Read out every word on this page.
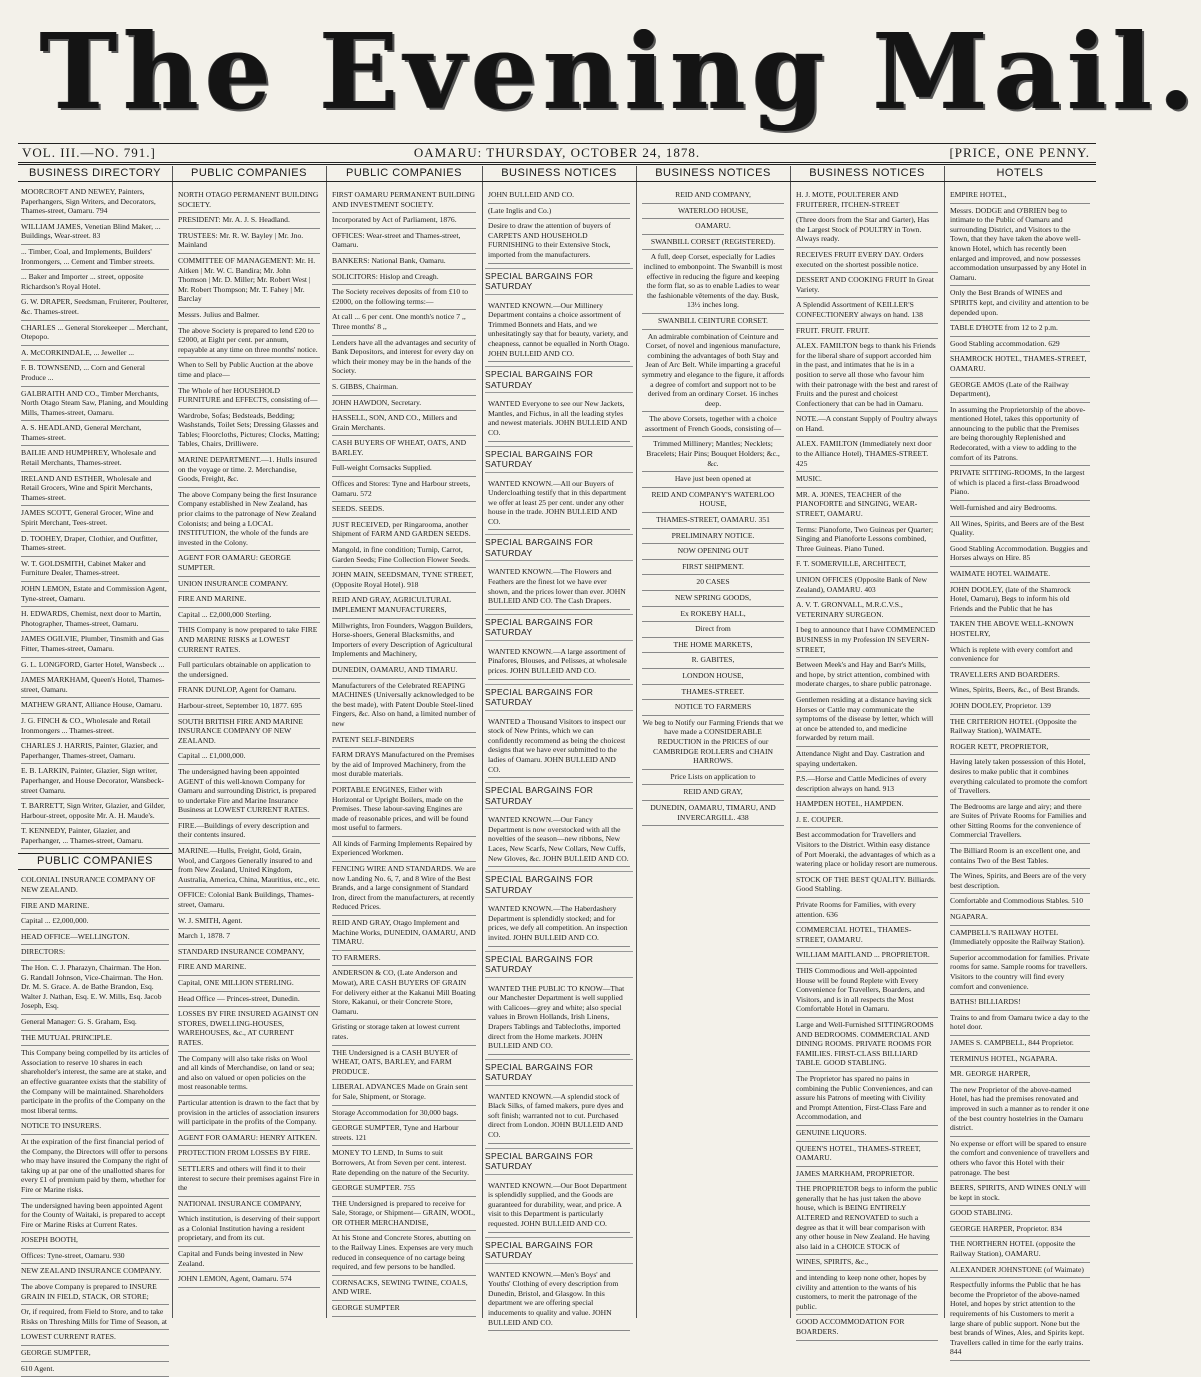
The Evening Mail.
VOL. III.—NO. 791.]	OAMARU: THURSDAY, OCTOBER 24, 1878.	[PRICE, ONE PENNY.
BUSINESS DIRECTORY
MOORCROFT AND NEWEY, Painters, Paperhangers, Sign Writers, and Decorators, Thames-street, Oamaru. 794
WILLIAM JAMES, Venetian Blind Maker, ... Buildings, Wear-street. 83
... Timber, Coal, and Implements, Builders' Ironmongers, ... Cement and Timber streets.
... Baker and Importer ... street, opposite Richardson's Royal Hotel.
G. W. DRAPER, Seedsman, Fruiterer, Poulterer, &c. Thames-street.
CHARLES ... General Storekeeper ... Merchant, Otepopo.
A. McCORKINDALE, ... Jeweller ...
F. B. TOWNSEND, ... Corn and General Produce ...
GALBRAITH AND CO., Timber Merchants, North Otago Steam Saw, Planing, and Moulding Mills, Thames-street, Oamaru.
A. S. HEADLAND, General Merchant, Thames-street.
BAILIE AND HUMPHREY, Wholesale and Retail Merchants, Thames-street.
IRELAND AND ESTHER, Wholesale and Retail Grocers, Wine and Spirit Merchants, Thames-street.
JAMES SCOTT, General Grocer, Wine and Spirit Merchant, Tees-street.
D. TOOHEY, Draper, Clothier, and Outfitter, Thames-street.
W. T. GOLDSMITH, Cabinet Maker and Furniture Dealer, Thames-street.
JOHN LEMON, Estate and Commission Agent, Tyne-street, Oamaru.
H. EDWARDS, Chemist, next door to Martin, Photographer, Thames-street, Oamaru.
JAMES OGILVIE, Plumber, Tinsmith and Gas Fitter, Thames-street, Oamaru.
G. L. LONGFORD, Garter Hotel, Wansbeck ...
JAMES MARKHAM, Queen's Hotel, Thames-street, Oamaru.
MATHEW GRANT, Alliance House, Oamaru.
J. G. FINCH & CO., Wholesale and Retail Ironmongers ... Thames-street.
CHARLES J. HARRIS, Painter, Glazier, and Paperhanger, Thames-street, Oamaru.
E. B. LARKIN, Painter, Glazier, Sign writer, Paperhanger, and House Decorator, Wansbeck-street Oamaru.
T. BARRETT, Sign Writer, Glazier, and Gilder, Harbour-street, opposite Mr. A. H. Maude's.
T. KENNEDY, Painter, Glazier, and Paperhanger, ... Thames-street, Oamaru.
PUBLIC COMPANIES
COLONIAL INSURANCE COMPANY OF NEW ZEALAND.
FIRE AND MARINE.
Capital ... £2,000,000.
HEAD OFFICE—WELLINGTON.
DIRECTORS:
The Hon. C. J. Pharazyn, Chairman. The Hon. G. Randall Johnson, Vice-Chairman. The Hon. Dr. M. S. Grace. A. de Bathe Brandon, Esq. Walter J. Nathan, Esq. E. W. Mills, Esq. Jacob Joseph, Esq.
General Manager: G. S. Graham, Esq.
THE MUTUAL PRINCIPLE.
This Company being compelled by its articles of Association to reserve 10 shares in each shareholder's interest, the same are at stake, and an effective guarantee exists that the stability of the Company will be maintained. Shareholders participate in the profits of the Company on the most liberal terms.
NOTICE TO INSURERS.
At the expiration of the first financial period of the Company, the Directors will offer to persons who may have insured the Company the right of taking up at par one of the unallotted shares for every £1 of premium paid by them, whether for Fire or Marine risks.
The undersigned having been appointed Agent for the County of Waitaki, is prepared to accept Fire or Marine Risks at Current Rates.
JOSEPH BOOTH,
Offices: Tyne-street, Oamaru. 930
NEW ZEALAND INSURANCE COMPANY.
The above Company is prepared to INSURE GRAIN IN FIELD, STACK, OR STORE;
Or, if required, from Field to Store, and to take Risks on Threshing Mills for Time of Season, at
LOWEST CURRENT RATES.
GEORGE SUMPTER,
610 Agent.
PUBLIC COMPANIES
NORTH OTAGO PERMANENT BUILDING SOCIETY.
PRESIDENT: Mr. A. J. S. Headland.
TRUSTEES: Mr. R. W. Bayley | Mr. Jno. Mainland
COMMITTEE OF MANAGEMENT: Mr. H. Aitken | Mr. W. C. Bandira; Mr. John Thomson | Mr. D. Miller; Mr. Robert West | Mr. Robert Thompson; Mr. T. Fahey | Mr. Barclay
Messrs. Julius and Balmer.
The above Society is prepared to lend £20 to £2000, at Eight per cent. per annum, repayable at any time on three months' notice.
When to Sell by Public Auction at the above time and place—
The Whole of her HOUSEHOLD FURNITURE and EFFECTS, consisting of—
Wardrobe, Sofas; Bedsteads, Bedding; Washstands, Toilet Sets; Dressing Glasses and Tables; Floorcloths, Pictures; Clocks, Matting; Tables, Chairs, Drilliwere.
MARINE DEPARTMENT.—1. Hulls insured on the voyage or time. 2. Merchandise, Goods, Freight, &c.
The above Company being the first Insurance Company established in New Zealand, has prior claims to the patronage of New Zealand Colonists; and being a LOCAL INSTITUTION, the whole of the funds are invested in the Colony.
AGENT FOR OAMARU: GEORGE SUMPTER.
UNION INSURANCE COMPANY.
FIRE AND MARINE.
Capital ... £2,000,000 Sterling.
THIS Company is now prepared to take FIRE AND MARINE RISKS at LOWEST CURRENT RATES.
Full particulars obtainable on application to the undersigned.
FRANK DUNLOP, Agent for Oamaru.
Harbour-street, September 10, 1877. 695
SOUTH BRITISH FIRE AND MARINE INSURANCE COMPANY OF NEW ZEALAND.
Capital ... £1,000,000.
The undersigned having been appointed AGENT of this well-known Company for Oamaru and surrounding District, is prepared to undertake Fire and Marine Insurance Business at LOWEST CURRENT RATES.
FIRE.—Buildings of every description and their contents insured.
MARINE.—Hulls, Freight, Gold, Grain, Wool, and Cargoes Generally insured to and from New Zealand, United Kingdom, Australia, America, China, Mauritius, etc., etc.
OFFICE: Colonial Bank Buildings, Thames-street, Oamaru.
W. J. SMITH, Agent.
March 1, 1878. 7
STANDARD INSURANCE COMPANY,
FIRE AND MARINE.
Capital, ONE MILLION STERLING.
Head Office — Princes-street, Dunedin.
LOSSES BY FIRE INSURED AGAINST ON STORES, DWELLING-HOUSES, WAREHOUSES, &c., AT CURRENT RATES.
The Company will also take risks on Wool and all kinds of Merchandise, on land or sea; and also on valued or open policies on the most reasonable terms.
Particular attention is drawn to the fact that by provision in the articles of association insurers will participate in the profits of the Company.
AGENT FOR OAMARU: HENRY AITKEN.
PROTECTION FROM LOSSES BY FIRE.
SETTLERS and others will find it to their interest to secure their premises against Fire in the
NATIONAL INSURANCE COMPANY,
Which institution, is deserving of their support as a Colonial Institution having a resident proprietary, and from its cut.
Capital and Funds being invested in New Zealand.
JOHN LEMON, Agent, Oamaru. 574
PUBLIC COMPANIES
FIRST OAMARU PERMANENT BUILDING AND INVESTMENT SOCIETY.
Incorporated by Act of Parliament, 1876.
OFFICES: Wear-street and Thames-street, Oamaru.
BANKERS: National Bank, Oamaru.
SOLICITORS: Hislop and Creagh.
The Society receives deposits of from £10 to £2000, on the following terms:—
At call ... 6 per cent. One month's notice 7 ,, Three months' 8 ,,
Lenders have all the advantages and security of Bank Depositors, and interest for every day on which their money may be in the hands of the Society.
S. GIBBS, Chairman.
JOHN HAWDON, Secretary.
HASSELL, SON, AND CO., Millers and Grain Merchants.
CASH BUYERS OF WHEAT, OATS, AND BARLEY.
Full-weight Cornsacks Supplied.
Offices and Stores: Tyne and Harbour streets, Oamaru. 572
SEEDS. SEEDS.
JUST RECEIVED, per Ringarooma, another Shipment of FARM AND GARDEN SEEDS.
Mangold, in fine condition; Turnip, Carrot, Garden Seeds; Fine Collection Flower Seeds.
JOHN MAIN, SEEDSMAN, TYNE STREET, (Opposite Royal Hotel). 918
REID AND GRAY, AGRICULTURAL IMPLEMENT MANUFACTURERS,
Millwrights, Iron Founders, Waggon Builders, Horse-shoers, General Blacksmiths, and Importers of every Description of Agricultural Implements and Machinery,
DUNEDIN, OAMARU, AND TIMARU.
Manufacturers of the Celebrated REAPING MACHINES (Universally acknowledged to be the best made), with Patent Double Steel-lined Fingers, &c. Also on hand, a limited number of new
PATENT SELF-BINDERS
FARM DRAYS Manufactured on the Premises by the aid of Improved Machinery, from the most durable materials.
PORTABLE ENGINES, Either with Horizontal or Upright Boilers, made on the Premises. These labour-saving Engines are made of reasonable prices, and will be found most useful to farmers.
All kinds of Farming Implements Repaired by Experienced Workmen.
FENCING WIRE AND STANDARDS. We are now Landing No. 6, 7, and 8 Wire of the Best Brands, and a large consignment of Standard Iron, direct from the manufacturers, at recently Reduced Prices.
REID AND GRAY, Otago Implement and Machine Works, DUNEDIN, OAMARU, AND TIMARU.
TO FARMERS.
ANDERSON & CO, (Late Anderson and Mowat), ARE CASH BUYERS OF GRAIN For delivery either at the Kakanui Mill Boating Store, Kakanui, or their Concrete Store, Oamaru.
Gristing or storage taken at lowest current rates.
THE Undersigned is a CASH BUYER of WHEAT, OATS, BARLEY, and FARM PRODUCE.
LIBERAL ADVANCES Made on Grain sent for Sale, Shipment, or Storage.
Storage Accommodation for 30,000 bags.
GEORGE SUMPTER, Tyne and Harbour streets. 121
MONEY TO LEND, In Sums to suit Borrowers, At from Seven per cent. interest. Rate depending on the nature of the Security.
GEORGE SUMPTER. 755
THE Undersigned is prepared to receive for Sale, Storage, or Shipment— GRAIN, WOOL, OR OTHER MERCHANDISE,
At his Stone and Concrete Stores, abutting on to the Railway Lines. Expenses are very much reduced in consequence of no cartage being required, and few persons to be handled.
CORNSACKS, SEWING TWINE, COALS, AND WIRE.
GEORGE SUMPTER
BUSINESS NOTICES
JOHN BULLEID AND CO.
(Late Inglis and Co.)
Desire to draw the attention of buyers of CARPETS AND HOUSEHOLD FURNISHING to their Extensive Stock, imported from the manufacturers.
SPECIAL BARGAINS FOR SATURDAY
WANTED KNOWN.—Our Millinery Department contains a choice assortment of Trimmed Bonnets and Hats, and we unhesitatingly say that for beauty, variety, and cheapness, cannot be equalled in North Otago. JOHN BULLEID AND CO.
SPECIAL BARGAINS FOR SATURDAY
WANTED Everyone to see our New Jackets, Mantles, and Fichus, in all the leading styles and newest materials. JOHN BULLEID AND CO.
SPECIAL BARGAINS FOR SATURDAY
WANTED KNOWN.—All our Buyers of Undercloathing testify that in this department we offer at least 25 per cent. under any other house in the trade. JOHN BULLEID AND CO.
SPECIAL BARGAINS FOR SATURDAY
WANTED KNOWN.—The Flowers and Feathers are the finest lot we have ever shown, and the prices lower than ever. JOHN BULLEID AND CO. The Cash Drapers.
SPECIAL BARGAINS FOR SATURDAY
WANTED KNOWN.—A large assortment of Pinafores, Blouses, and Pelisses, at wholesale prices. JOHN BULLEID AND CO.
SPECIAL BARGAINS FOR SATURDAY
WANTED a Thousand Visitors to inspect our stock of New Prints, which we can confidently recommend as being the choicest designs that we have ever submitted to the ladies of Oamaru. JOHN BULLEID AND CO.
SPECIAL BARGAINS FOR SATURDAY
WANTED KNOWN.—Our Fancy Department is now overstocked with all the novelties of the season—new ribbons, New Laces, New Scarfs, New Collars, New Cuffs, New Gloves, &c. JOHN BULLEID AND CO.
SPECIAL BARGAINS FOR SATURDAY
WANTED KNOWN.—The Haberdashery Department is splendidly stocked; and for prices, we defy all competition. An inspection invited. JOHN BULLEID AND CO.
SPECIAL BARGAINS FOR SATURDAY
WANTED THE PUBLIC TO KNOW—That our Manchester Department is well supplied with Calicoes—grey and white; also special values in Brown Hollands, Irish Linens, Drapers Tablings and Tablecloths, imported direct from the Home markets. JOHN BULLEID AND CO.
SPECIAL BARGAINS FOR SATURDAY
WANTED KNOWN.—A splendid stock of Black Silks, of famed makers, pure dyes and soft finish; warranted not to cut. Purchased direct from London. JOHN BULLEID AND CO.
SPECIAL BARGAINS FOR SATURDAY
WANTED KNOWN.—Our Boot Department is splendidly supplied, and the Goods are guaranteed for durability, wear, and price. A visit to this Department is particularly requested. JOHN BULLEID AND CO.
SPECIAL BARGAINS FOR SATURDAY
WANTED KNOWN.—Men's Boys' and Youths' Clothing of every description from Dunedin, Bristol, and Glasgow. In this department we are offering special inducements to quality and value. JOHN BULLEID AND CO.
BUSINESS NOTICES
REID AND COMPANY,
WATERLOO HOUSE,
OAMARU.
SWANBILL CORSET (REGISTERED).
A full, deep Corset, especially for Ladies inclined to embonpoint. The Swanbill is most effective in reducing the figure and keeping the form flat, so as to enable Ladies to wear the fashionable vêtements of the day. Busk, 13½ inches long.
SWANBILL CEINTURE CORSET.
An admirable combination of Ceinture and Corset, of novel and ingenious manufacture, combining the advantages of both Stay and Jean of Arc Belt. While imparting a graceful symmetry and elegance to the figure, it affords a degree of comfort and support not to be derived from an ordinary Corset. 16 inches deep.
The above Corsets, together with a choice assortment of French Goods, consisting of—
Trimmed Millinery; Mantles; Necklets; Bracelets; Hair Pins; Bouquet Holders; &c., &c.
Have just been opened at
REID AND COMPANY'S WATERLOO HOUSE,
THAMES-STREET, OAMARU. 351
PRELIMINARY NOTICE.
NOW OPENING OUT
FIRST SHIPMENT.
20 CASES
NEW SPRING GOODS,
Ex ROKEBY HALL,
Direct from
THE HOME MARKETS,
R. GABITES,
LONDON HOUSE,
THAMES-STREET.
NOTICE TO FARMERS
We beg to Notify our Farming Friends that we have made a CONSIDERABLE REDUCTION in the PRICES of our CAMBRIDGE ROLLERS and CHAIN HARROWS.
Price Lists on application to
REID AND GRAY,
DUNEDIN, OAMARU, TIMARU, AND INVERCARGILL. 438
BUSINESS NOTICES
H. J. MOTE, POULTERER AND FRUITERER, ITCHEN-STREET
(Three doors from the Star and Garter), Has the Largest Stock of POULTRY in Town. Always ready.
RECEIVES FRUIT EVERY DAY. Orders executed on the shortest possible notice.
DESSERT AND COOKING FRUIT In Great Variety.
A Splendid Assortment of KEILLER'S CONFECTIONERY always on hand. 138
FRUIT. FRUIT. FRUIT.
ALEX. FAMILTON begs to thank his Friends for the liberal share of support accorded him in the past, and intimates that he is in a position to serve all those who favour him with their patronage with the best and rarest of Fruits and the purest and choicest Confectionery that can be had in Oamaru.
NOTE.—A constant Supply of Poultry always on Hand.
ALEX. FAMILTON (Immediately next door to the Alliance Hotel), THAMES-STREET. 425
MUSIC.
MR. A. JONES, TEACHER of the PIANOFORTE and SINGING, WEAR-STREET, OAMARU.
Terms: Pianoforte, Two Guineas per Quarter; Singing and Pianoforte Lessons combined, Three Guineas. Piano Tuned.
F. T. SOMERVILLE, ARCHITECT,
UNION OFFICES (Opposite Bank of New Zealand), OAMARU. 403
A. V. T. GRONVALL, M.R.C.V.S., VETERINARY SURGEON.
I beg to announce that I have COMMENCED BUSINESS in my Profession IN SEVERN-STREET,
Between Meek's and Hay and Barr's Mills, and hope, by strict attention, combined with moderate charges, to share public patronage.
Gentlemen residing at a distance having sick Horses or Cattle may communicate the symptoms of the disease by letter, which will at once be attended to, and medicine forwarded by return mail.
Attendance Night and Day. Castration and spaying undertaken.
P.S.—Horse and Cattle Medicines of every description always on hand. 913
HAMPDEN HOTEL, HAMPDEN.
J. E. COUPER.
Best accommodation for Travellers and Visitors to the District. Within easy distance of Port Moeraki, the advantages of which as a watering place or holiday resort are numerous.
STOCK OF THE BEST QUALITY. Billiards. Good Stabling.
Private Rooms for Families, with every attention. 636
COMMERCIAL HOTEL, THAMES-STREET, OAMARU.
WILLIAM MAITLAND ... PROPRIETOR.
THIS Commodious and Well-appointed House will be found Replete with Every Convenience for Travellers, Boarders, and Visitors, and is in all respects the Most Comfortable Hotel in Oamaru.
Large and Well-Furnished SITTINGROOMS AND BEDROOMS. COMMERCIAL AND DINING ROOMS. PRIVATE ROOMS FOR FAMILIES. FIRST-CLASS BILLIARD TABLE. GOOD STABLING.
The Proprietor has spared no pains in combining the Public Conveniences, and can assure his Patrons of meeting with Civility and Prompt Attention, First-Class Fare and Accommodation, and
GENUINE LIQUORS.
QUEEN'S HOTEL, THAMES-STREET, OAMARU.
JAMES MARKHAM, PROPRIETOR.
THE PROPRIETOR begs to inform the public generally that he has just taken the above house, which is BEING ENTIRELY ALTERED and RENOVATED to such a degree as that it will bear comparison with any other house in New Zealand. He having also laid in a CHOICE STOCK of
WINES, SPIRITS, &c.,
and intending to keep none other, hopes by civility and attention to the wants of his customers, to merit the patronage of the public.
GOOD ACCOMMODATION FOR BOARDERS.
HOTELS
EMPIRE HOTEL,
Messrs. DODGE and O'BRIEN beg to intimate to the Public of Oamaru and surrounding District, and Visitors to the Town, that they have taken the above well-known Hotel, which has recently been enlarged and improved, and now possesses accommodation unsurpassed by any Hotel in Oamaru.
Only the Best Brands of WINES and SPIRITS kept, and civility and attention to be depended upon.
TABLE D'HOTE from 12 to 2 p.m.
Good Stabling accommodation. 629
SHAMROCK HOTEL, THAMES-STREET, OAMARU.
GEORGE AMOS (Late of the Railway Department),
In assuming the Proprietorship of the above-mentioned Hotel, takes this opportunity of announcing to the public that the Premises are being thoroughly Replenished and Redecorated, with a view to adding to the comfort of its Patrons.
PRIVATE SITTING-ROOMS, In the largest of which is placed a first-class Broadwood Piano.
Well-furnished and airy Bedrooms.
All Wines, Spirits, and Beers are of the Best Quality.
Good Stabling Accommodation. Buggies and Horses always on Hire. 85
WAIMATE HOTEL WAIMATE.
JOHN DOOLEY, (late of the Shamrock Hotel, Oamaru), Begs to inform his old Friends and the Public that he has
TAKEN THE ABOVE WELL-KNOWN HOSTELRY,
Which is replete with every comfort and convenience for
TRAVELLERS AND BOARDERS.
Wines, Spirits, Beers, &c., of Best Brands.
JOHN DOOLEY, Proprietor. 139
THE CRITERION HOTEL (Opposite the Railway Station), WAIMATE.
ROGER KETT, PROPRIETOR,
Having lately taken possession of this Hotel, desires to make public that it combines everything calculated to promote the comfort of Travellers.
The Bedrooms are large and airy; and there are Suites of Private Rooms for Families and other Sitting Rooms for the convenience of Commercial Travellers.
The Billiard Room is an excellent one, and contains Two of the Best Tables.
The Wines, Spirits, and Beers are of the very best description.
Comfortable and Commodious Stables. 510
NGAPARA.
CAMPBELL'S RAILWAY HOTEL (Immediately opposite the Railway Station).
Superior accommodation for families. Private rooms for same. Sample rooms for travellers. Visitors to the country will find every comfort and convenience.
BATHS! BILLIARDS!
Trains to and from Oamaru twice a day to the hotel door.
JAMES S. CAMPBELL, 844 Proprietor.
TERMINUS HOTEL, NGAPARA.
MR. GEORGE HARPER,
The new Proprietor of the above-named Hotel, has had the premises renovated and improved in such a manner as to render it one of the best country hostelries in the Oamaru district.
No expense or effort will be spared to ensure the comfort and convenience of travellers and others who favor this Hotel with their patronage. The best
BEERS, SPIRITS, AND WINES ONLY will be kept in stock.
GOOD STABLING.
GEORGE HARPER, Proprietor. 834
THE NORTHERN HOTEL (opposite the Railway Station), OAMARU.
ALEXANDER JOHNSTONE (of Waimate)
Respectfully informs the Public that he has become the Proprietor of the above-named Hotel, and hopes by strict attention to the requirements of his Customers to merit a large share of public support. None but the best brands of Wines, Ales, and Spirits kept. Travellers called in time for the early trains. 844
